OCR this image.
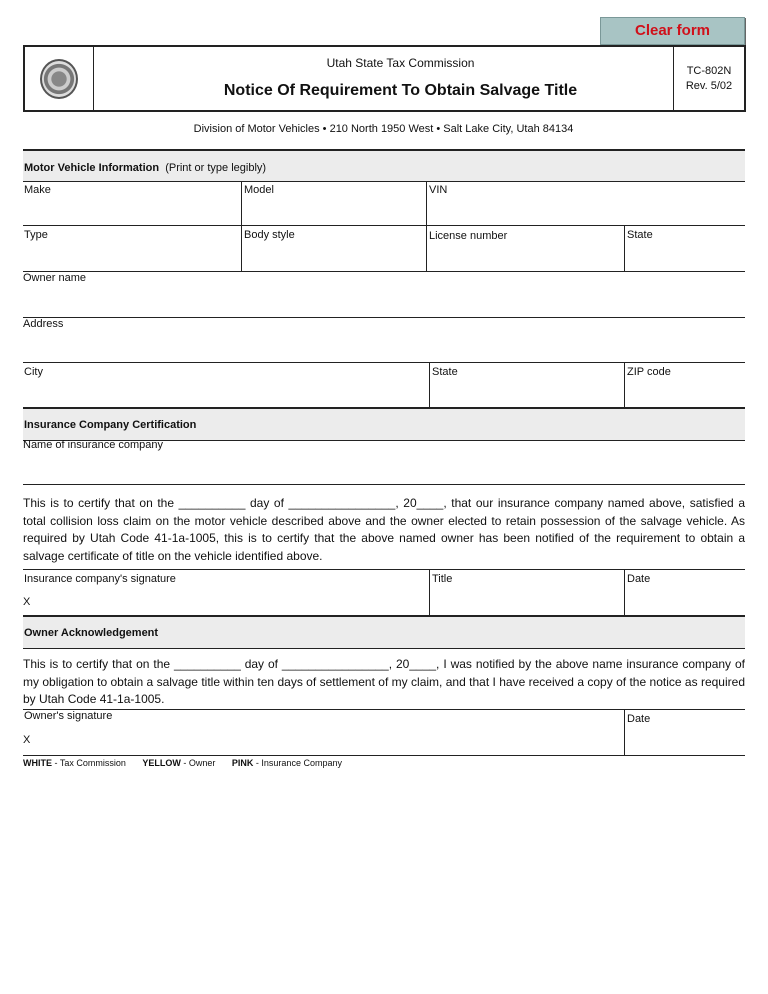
Clear form
TC-802N
Rev. 5/02
Utah State Tax Commission
Notice Of Requirement To Obtain Salvage Title
Division of Motor Vehicles • 210 North 1950 West • Salt Lake City, Utah 84134
Motor Vehicle Information (Print or type legibly)
Make	Model	VIN
Type	Body style	License number	State
Owner name
Address
City	State	ZIP code
Insurance Company Certification
Name of insurance company
This is to certify that on the __________ day of ________________, 20____, that our insurance company named above, satisfied a total collision loss claim on the motor vehicle described above and the owner elected to retain possession of the salvage vehicle. As required by Utah Code 41-1a-1005, this is to certify that the above named owner has been notified of the requirement to obtain a salvage certificate of title on the vehicle identified above.
Insurance company's signature
X
Title	Date
Owner Acknowledgement
This is to certify that on the __________ day of ________________, 20____, I was notified by the above name insurance company of my obligation to obtain a salvage title within ten days of settlement of my claim, and that I have received a copy of the notice as required by Utah Code 41-1a-1005.
Owner's signature
X
Date
WHITE - Tax Commission YELLOW - Owner PINK - Insurance Company
